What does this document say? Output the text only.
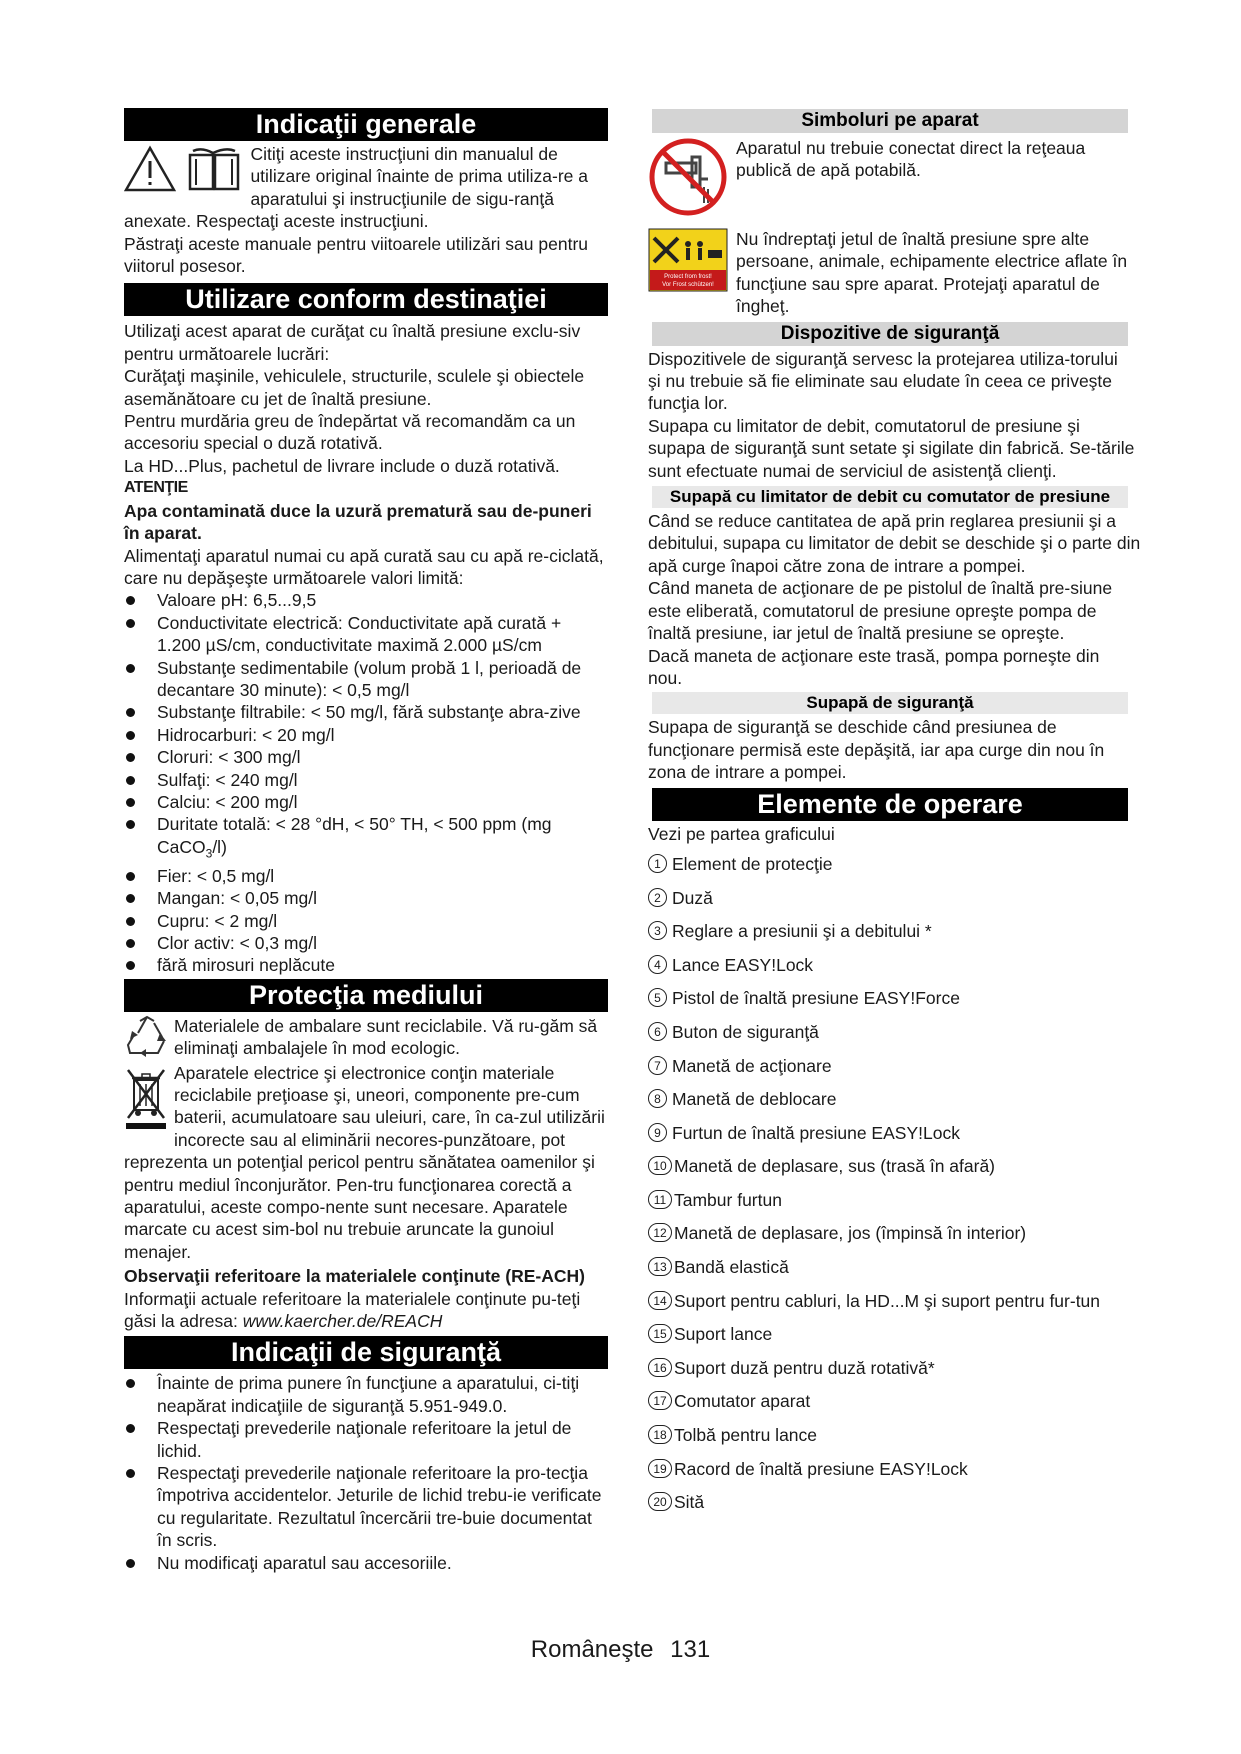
Indicaţii generale

Citiţi aceste instrucţiuni din manualul de utilizare original înainte de prima utiliza-re a aparatului şi instrucţiunile de sigu-ranţă anexate. Respectaţi aceste instrucţiuni.

Păstraţi aceste manuale pentru viitoarele utilizări sau pentru viitorul posesor.

Utilizare conform destinaţiei

Utilizaţi acest aparat de curăţat cu înaltă presiune exclu-siv pentru următoarele lucrări:

Curăţaţi maşinile, vehiculele, structurile, sculele şi obiectele asemănătoare cu jet de înaltă presiune.

Pentru murdăria greu de îndepărtat vă recomandăm ca un accesoriu special o duză rotativă.

La HD...Plus, pachetul de livrare include o duză rotativă.

ATENŢIE

Apa contaminată duce la uzură prematură sau de-puneri în aparat.

Alimentaţi aparatul numai cu apă curată sau cu apă re-ciclată, care nu depăşeşte următoarele valori limită:

Valoare pH: 6,5...9,5
Conductivitate electrică: Conductivitate apă curată + 1.200 µS/cm, conductivitate maximă 2.000 µS/cm
Substanţe sedimentabile (volum probă 1 l, perioadă de decantare 30 minute): < 0,5 mg/l
Substanţe filtrabile: < 50 mg/l, fără substanţe abra-zive
Hidrocarburi: < 20 mg/l
Cloruri: < 300 mg/l
Sulfaţi: < 240 mg/l
Calciu: < 200 mg/l
Duritate totală: < 28 °dH, < 50° TH, < 500 ppm (mg CaCO$_3$/l)
Fier: < 0,5 mg/l
Mangan: < 0,05 mg/l
Cupru: < 2 mg/l
Clor activ: < 0,3 mg/l
fără mirosuri neplăcute
Protecţia mediului

Materialele de ambalare sunt reciclabile. Vă ru-găm să eliminaţi ambalajele în mod ecologic.

Aparatele electrice şi electronice conţin materiale reciclabile preţioase şi, uneori, componente pre-cum baterii, acumulatoare sau uleiuri, care, în ca-zul utilizării incorecte sau al eliminării necores-punzătoare, pot reprezenta un potenţial pericol pentru sănătatea oamenilor şi pentru mediul înconjurător. Pen-tru funcţionarea corectă a aparatului, aceste compo-nente sunt necesare. Aparatele marcate cu acest sim-bol nu trebuie aruncate la gunoiul menajer.

Observaţii referitoare la materialele conţinute (RE-ACH)

Informaţii actuale referitoare la materialele conţinute pu-teţi găsi la adresa: www.kaercher.de/REACH

Indicaţii de siguranţă
Înainte de prima punere în funcţiune a aparatului, ci-tiţi neapărat indicaţiile de siguranţă 5.951-949.0.
Respectaţi prevederile naţionale referitoare la jetul de lichid.
Respectaţi prevederile naţionale referitoare la pro-tecţia împotriva accidentelor. Jeturile de lichid trebu-ie verificate cu regularitate. Rezultatul încercării tre-buie documentat în scris.
Nu modificaţi aparatul sau accesoriile.
Simboluri pe aparat

Aparatul nu trebuie conectat direct la reţeaua publică de apă potabilă.

Protect from frost!
Vor Frost schützen!

Nu îndreptaţi jetul de înaltă presiune spre alte persoane, animale, echipamente electrice aflate în funcţiune sau spre aparat. Protejaţi aparatul de îngheţ.

Dispozitive de siguranţă

Dispozitivele de siguranţă servesc la protejarea utiliza-torului şi nu trebuie să fie eliminate sau eludate în ceea ce priveşte funcţia lor.

Supapa cu limitator de debit, comutatorul de presiune şi supapa de siguranţă sunt setate şi sigilate din fabrică. Se-tările sunt efectuate numai de serviciul de asistenţă clienţi.

Supapă cu limitator de debit cu comutator de presiune

Când se reduce cantitatea de apă prin reglarea presiunii şi a debitului, supapa cu limitator de debit se deschide şi o parte din apă curge înapoi către zona de intrare a pompei.

Când maneta de acţionare de pe pistolul de înaltă pre-siune este eliberată, comutatorul de presiune opreşte pompa de înaltă presiune, iar jetul de înaltă presiune se opreşte.

Dacă maneta de acţionare este trasă, pompa porneşte din nou.

Supapă de siguranţă

Supapa de siguranţă se deschide când presiunea de funcţionare permisă este depăşită, iar apa curge din nou în zona de intrare a pompei.

Elemente de operare

Vezi pe partea graficului

1 Element de protecţie
2 Duză
3 Reglare a presiunii şi a debitului *
4 Lance EASY!Lock
5 Pistol de înaltă presiune EASY!Force
6 Buton de siguranţă
7 Manetă de acţionare
8 Manetă de deblocare
9 Furtun de înaltă presiune EASY!Lock
10 Manetă de deplasare, sus (trasă în afară)
11 Tambur furtun
12 Manetă de deplasare, jos (împinsă în interior)
13 Bandă elastică
14 Suport pentru cabluri, la HD...M şi suport pentru fur-tun
15 Suport lance
16 Suport duză pentru duză rotativă*
17 Comutator aparat
18 Tolbă pentru lance
19 Racord de înaltă presiune EASY!Lock
20 Sită
Româneşte 131
